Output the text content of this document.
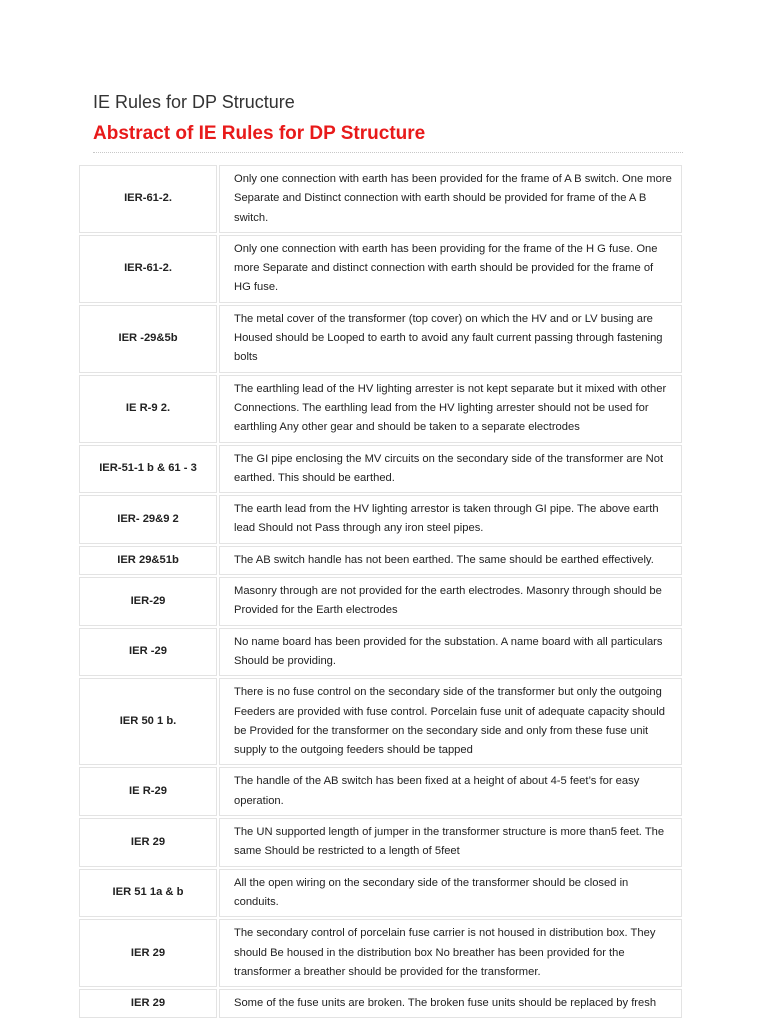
IE Rules for DP Structure
Abstract of IE Rules for DP Structure
IER-61-2.	Only one connection with earth has been provided for the frame of A B switch. One more Separate and Distinct connection with earth should be provided for frame of the A B switch.
IER-61-2.	Only one connection with earth has been providing for the frame of the H G fuse. One more Separate and distinct connection with earth should be provided for the frame of HG fuse.
IER -29&5b	The metal cover of the transformer (top cover) on which the HV and or LV busing are Housed should be Looped to earth to avoid any fault current passing through fastening bolts
IE R-9 2.	The earthling lead of the HV lighting arrester is not kept separate but it mixed with other Connections. The earthling lead from the HV lighting arrester should not be used for earthling Any other gear and should be taken to a separate electrodes
IER-51-1 b & 61 - 3	The GI pipe enclosing the MV circuits on the secondary side of the transformer are Not earthed. This should be earthed.
IER- 29&9 2	The earth lead from the HV lighting arrestor is taken through GI pipe. The above earth lead Should not Pass through any iron steel pipes.
IER 29&51b	The AB switch handle has not been earthed. The same should be earthed effectively.
IER-29	Masonry through are not provided for the earth electrodes. Masonry through should be Provided for the Earth electrodes
IER -29	No name board has been provided for the substation. A name board with all particulars Should be providing.
IER 50 1 b.	There is no fuse control on the secondary side of the transformer but only the outgoing Feeders are provided with fuse control. Porcelain fuse unit of adequate capacity should be Provided for the transformer on the secondary side and only from these fuse unit supply to the outgoing feeders should be tapped
IE R-29	The handle of the AB switch has been fixed at a height of about 4-5 feet’s for easy operation.
IER 29	The UN supported length of jumper in the transformer structure is more than5 feet. The same Should be restricted to a length of 5feet
IER 51 1a & b	All the open wiring on the secondary side of the transformer should be closed in conduits.
IER 29	The secondary control of porcelain fuse carrier is not housed in distribution box. They should Be housed in the distribution box No breather has been provided for the transformer a breather should be provided for the transformer.
IER 29	Some of the fuse units are broken. The broken fuse units should be replaced by fresh
